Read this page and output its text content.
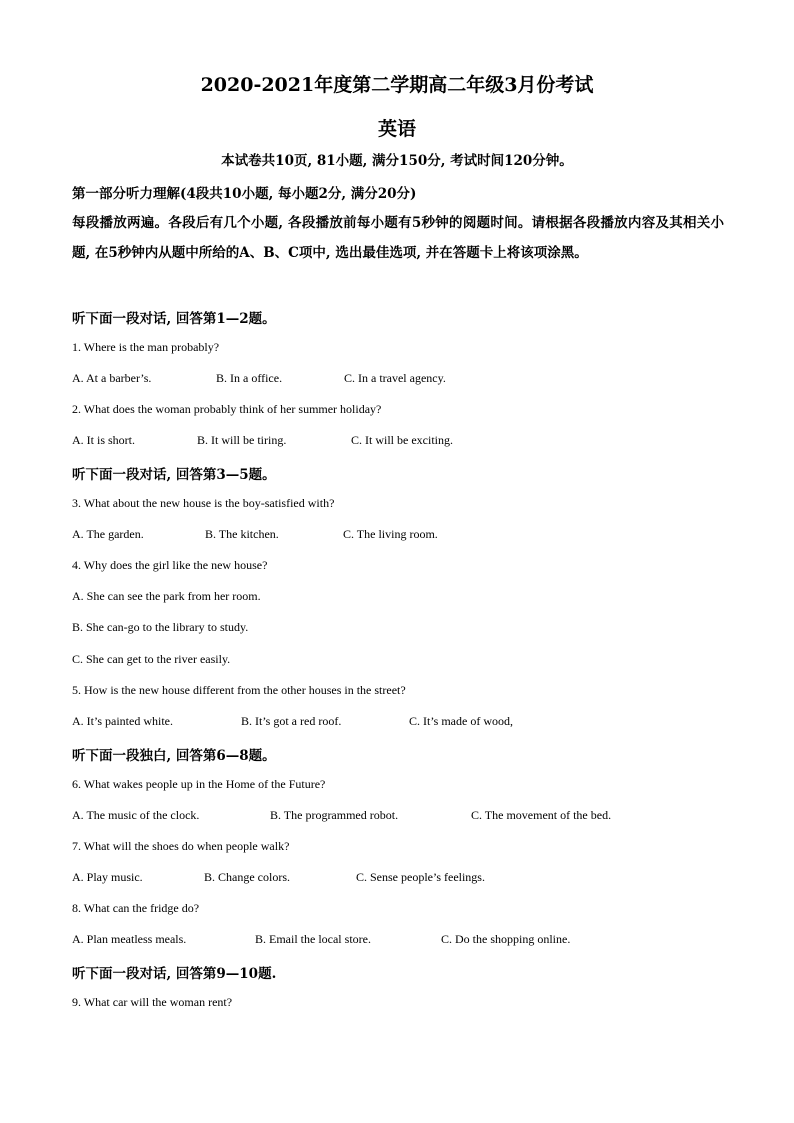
2020-2021年度第二学期高二年级3月份考试
英语
本试卷共10页, 81小题, 满分150分, 考试时间120分钟。
第一部分听力理解(4段共10小题, 每小题2分, 满分20分)
每段播放两遍。各段后有几个小题, 各段播放前每小题有5秒钟的阅题时间。请根据各段播放内容及其相关小题, 在5秒钟内从题中所给的A、B、C项中, 选出最佳选项, 并在答题卡上将该项涂黑。
听下面一段对话, 回答第1—2题。
1. Where is the man probably?
A. At a barber’s.	B. In a office.	C. In a travel agency.
2. What does the woman probably think of her summer holiday?
A. It is short.	B. It will be tiring.	C. It will be exciting.
听下面一段对话, 回答第3—5题。
3. What about the new house is the boy-satisfied with?
A. The garden.	B. The kitchen.	C. The living room.
4. Why does the girl like the new house?
A. She can see the park from her room.
B. She can-go to the library to study.
C. She can get to the river easily.
5. How is the new house different from the other houses in the street?
A. It’s painted white.	B. It’s got a red roof.	C. It’s made of wood,
听下面一段独白, 回答第6—8题。
6. What wakes people up in the Home of the Future?
A. The music of the clock.	B. The programmed robot.	C. The movement of the bed.
7. What will the shoes do when people walk?
A. Play music.	B. Change colors.	C. Sense people’s feelings.
8. What can the fridge do?
A. Plan meatless meals.	B. Email the local store.	C. Do the shopping online.
听下面一段对话, 回答第9—10题.
9. What car will the woman rent?
